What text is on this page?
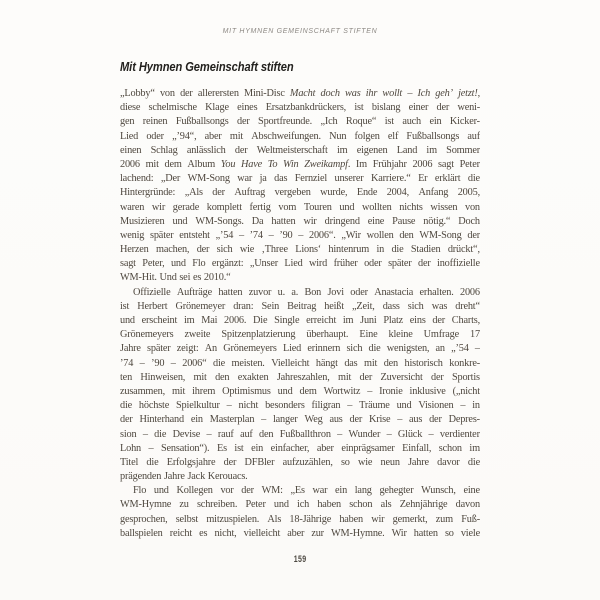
MIT HYMNEN GEMEINSCHAFT STIFTEN
Mit Hymnen Gemeinschaft stiften
„Lobby“ von der allerersten Mini-Disc Macht doch was ihr wollt – Ich geh’ jetzt!,
diese schelmische Klage eines Ersatzbankdrückers, ist bislang einer der weni-
gen reinen Fußballsongs der Sportfreunde. „Ich Roque“ ist auch ein Kicker-
Lied oder „’94“, aber mit Abschweifungen. Nun folgen elf Fußballsongs auf
einen Schlag anlässlich der Weltmeisterschaft im eigenen Land im Sommer
2006 mit dem Album You Have To Win Zweikampf. Im Frühjahr 2006 sagt Peter
lachend: „Der WM-Song war ja das Fernziel unserer Karriere.“ Er erklärt die
Hintergründe: „Als der Auftrag vergeben wurde, Ende 2004, Anfang 2005,
waren wir gerade komplett fertig vom Touren und wollten nichts wissen von
Musizieren und WM-Songs. Da hatten wir dringend eine Pause nötig.“ Doch
wenig später entsteht „’54 – ’74 – ’90 – 2006“. „Wir wollen den WM-Song der
Herzen machen, der sich wie ‚Three Lions‘ hintenrum in die Stadien drückt“,
sagt Peter, und Flo ergänzt: „Unser Lied wird früher oder später der inoffizielle
WM-Hit. Und sei es 2010.“
Offizielle Aufträge hatten zuvor u. a. Bon Jovi oder Anastacia erhalten. 2006
ist Herbert Grönemeyer dran: Sein Beitrag heißt „Zeit, dass sich was dreht“
und erscheint im Mai 2006. Die Single erreicht im Juni Platz eins der Charts,
Grönemeyers zweite Spitzenplatzierung überhaupt. Eine kleine Umfrage 17
Jahre später zeigt: An Grönemeyers Lied erinnern sich die wenigsten, an „’54 –
’74 – ’90 – 2006“ die meisten. Vielleicht hängt das mit den historisch konkre-
ten Hinweisen, mit den exakten Jahreszahlen, mit der Zuversicht der Sportis
zusammen, mit ihrem Optimismus und dem Wortwitz – Ironie inklusive („nicht
die höchste Spielkultur – nicht besonders filigran – Träume und Visionen – in
der Hinterhand ein Masterplan – langer Weg aus der Krise – aus der Depres-
sion – die Devise – rauf auf den Fußballthron – Wunder – Glück – verdienter
Lohn – Sensation“). Es ist ein einfacher, aber einprägsamer Einfall, schon im
Titel die Erfolgsjahre der DFBler aufzuzählen, so wie neun Jahre davor die
prägenden Jahre Jack Kerouacs.
Flo und Kollegen vor der WM: „Es war ein lang gehegter Wunsch, eine
WM-Hymne zu schreiben. Peter und ich haben schon als Zehnjährige davon
gesprochen, selbst mitzuspielen. Als 18-Jährige haben wir gemerkt, zum Fuß-
ballspielen reicht es nicht, vielleicht aber zur WM-Hymne. Wir hatten so viele
159
